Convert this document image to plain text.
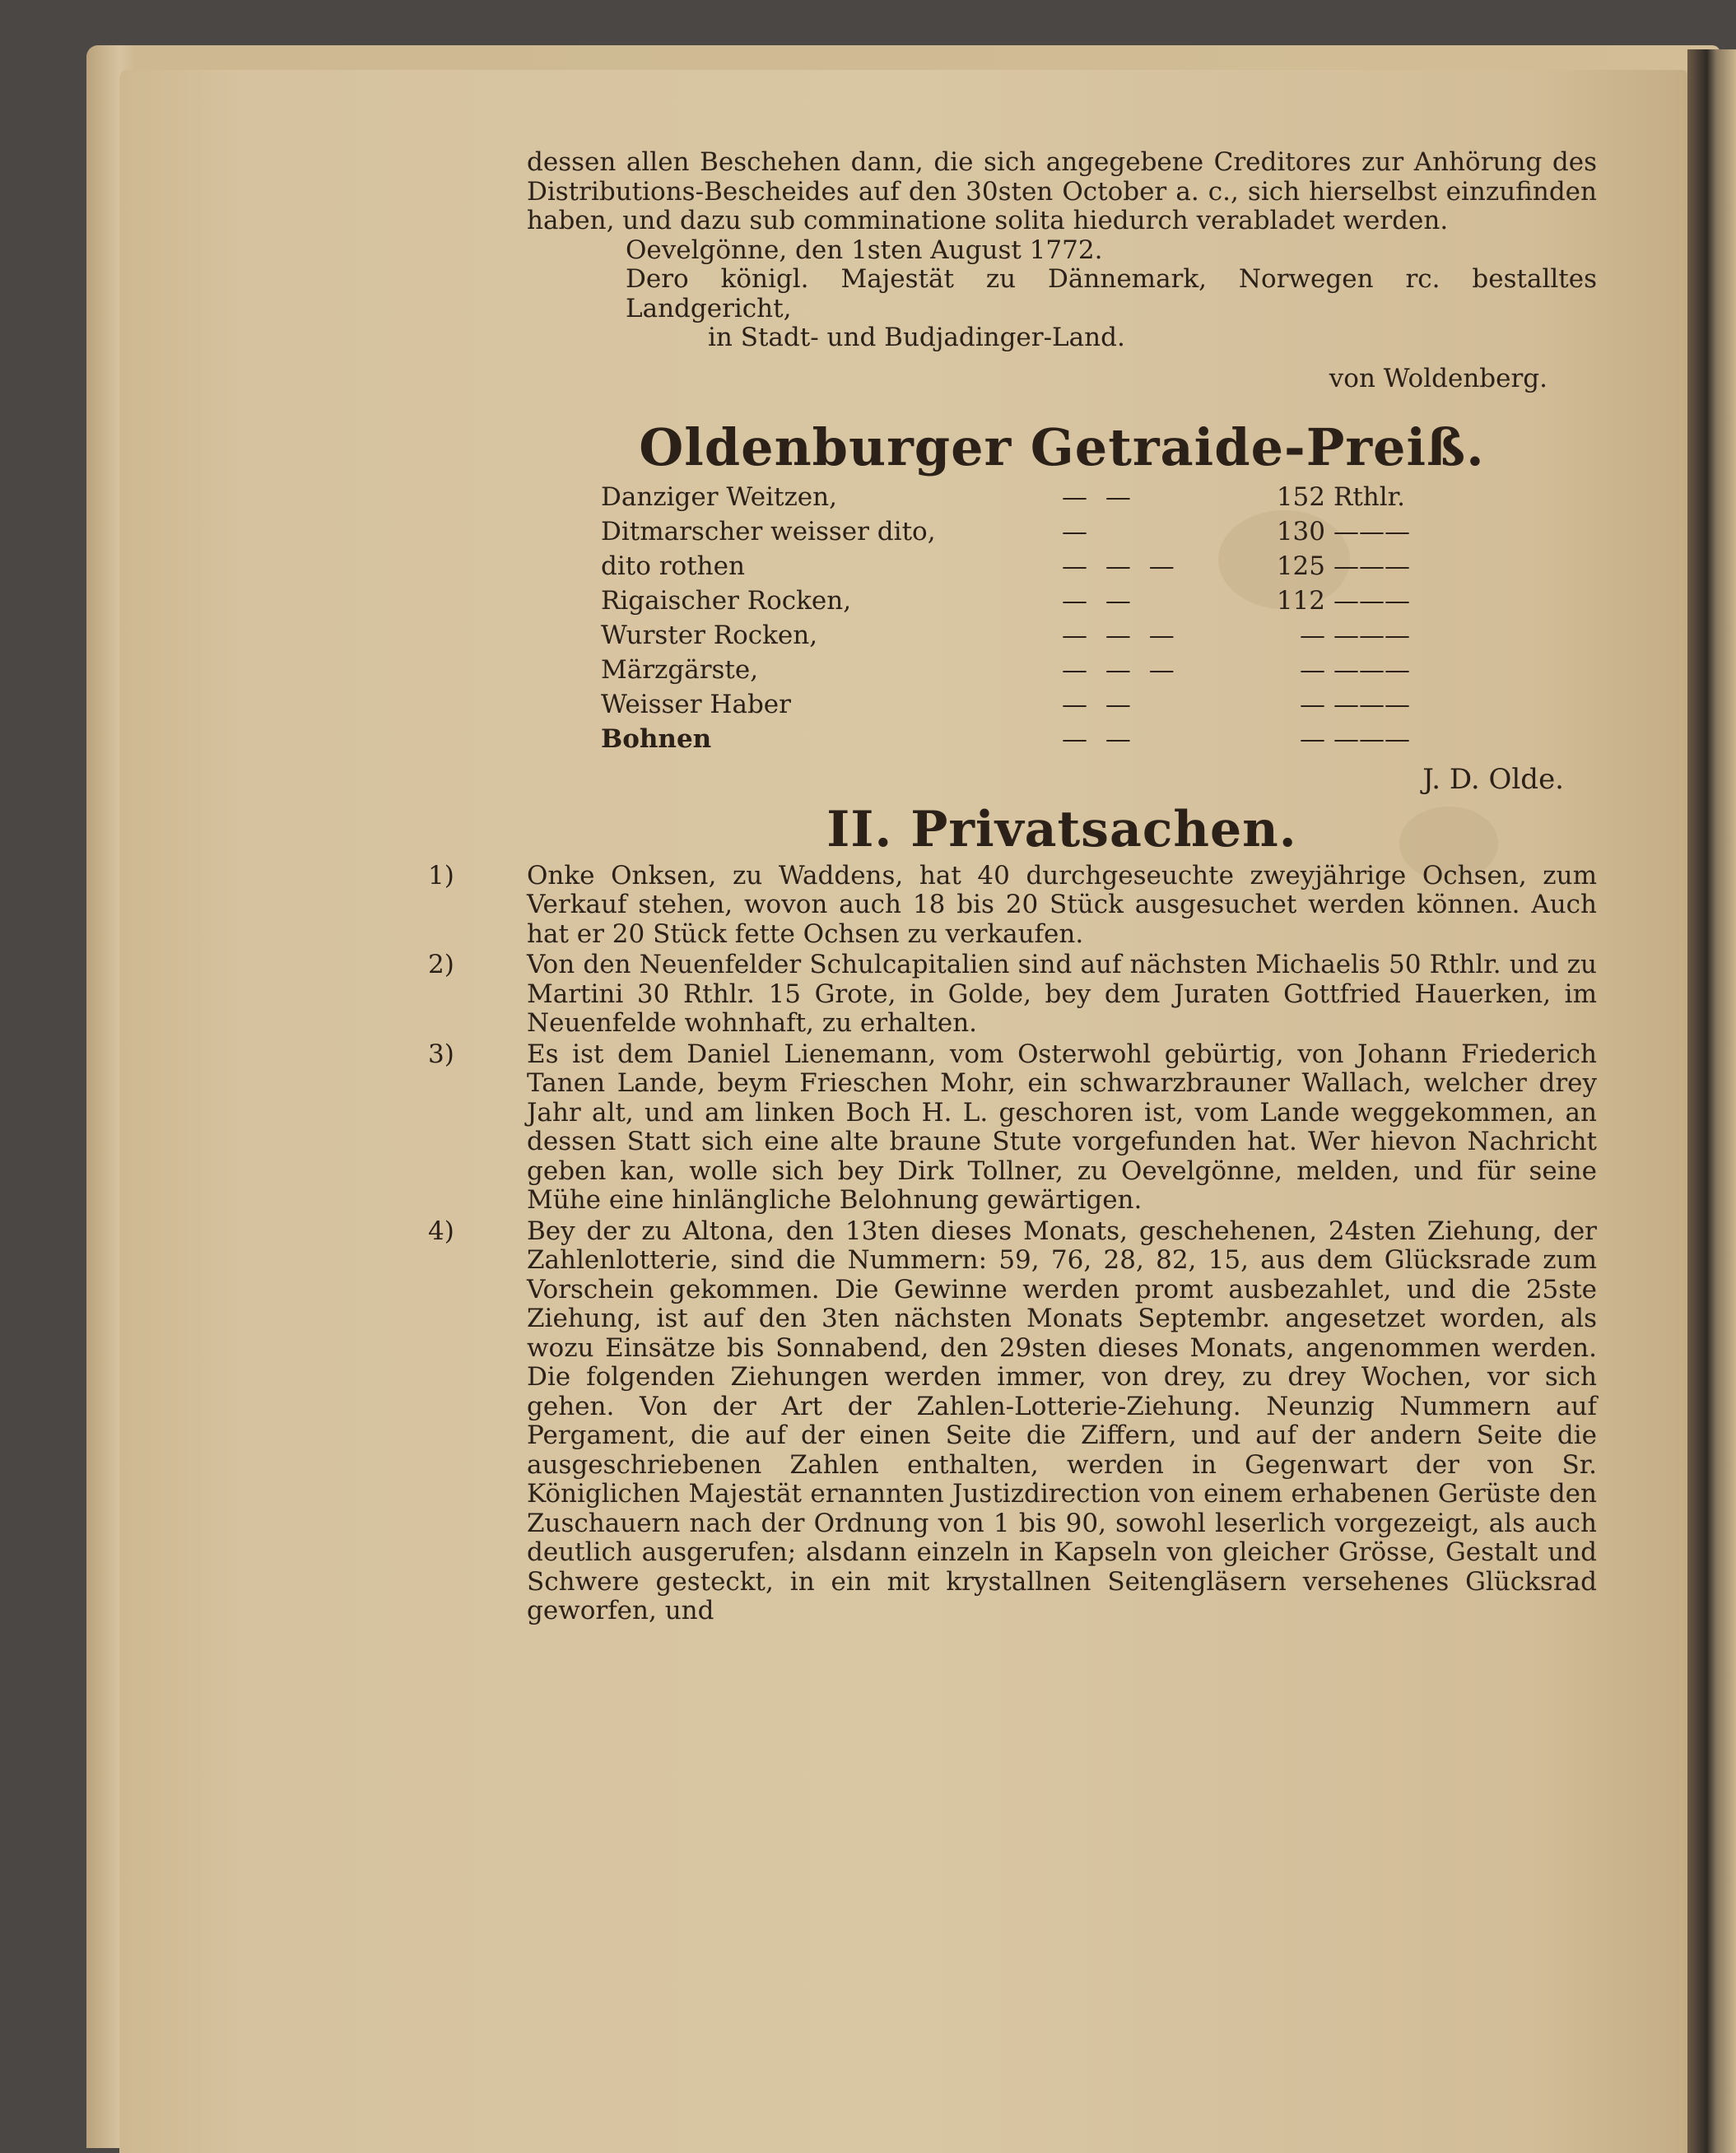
dessen allen Beschehen dann, die sich angegebene Creditores zur Anhörung des Distributions-Bescheides auf den 30sten October a. c., sich hierselbst einzufinden haben, und dazu sub comminatione solita hiedurch verabladet werden.

Oevelgönne, den 1sten August 1772.

Dero königl. Majestät zu Dännemark, Norwegen rc. bestalltes Landgericht,

in Stadt- und Budjadinger-Land.

von Woldenberg.

Oldenburger Getraide-Preiß.
Danziger Weitzen,	— —	152	Rthlr.
Ditmarscher weisser dito,	—	130	———
dito rothen	— — —	125	———
Rigaischer Rocken,	— —	112	———
Wurster Rocken,	— — —	—	———
Märzgärste,	— — —	—	———
Weisser Haber	— —	—	———
Bohnen	— —	—	———
J. D. Olde.
II. Privatsachen.
1)	Onke Onksen, zu Waddens, hat 40 durchgeseuchte zweyjährige Ochsen, zum Verkauf stehen, wovon auch 18 bis 20 Stück ausgesuchet werden können. Auch hat er 20 Stück fette Ochsen zu verkaufen.
2)	Von den Neuenfelder Schulcapitalien sind auf nächsten Michaelis 50 Rthlr. und zu Martini 30 Rthlr. 15 Grote, in Golde, bey dem Juraten Gottfried Hauerken, im Neuenfelde wohnhaft, zu erhalten.
3)	Es ist dem Daniel Lienemann, vom Osterwohl gebürtig, von Johann Friederich Tanen Lande, beym Frieschen Mohr, ein schwarzbrauner Wallach, welcher drey Jahr alt, und am linken Boch H. L. geschoren ist, vom Lande weggekommen, an dessen Statt sich eine alte braune Stute vorgefunden hat. Wer hievon Nachricht geben kan, wolle sich bey Dirk Tollner, zu Oevelgönne, melden, und für seine Mühe eine hinlängliche Belohnung gewärtigen.
4)	Bey der zu Altona, den 13ten dieses Monats, geschehenen, 24sten Ziehung, der Zahlenlotterie, sind die Nummern: 59, 76, 28, 82, 15, aus dem Glücksrade zum Vorschein gekommen. Die Gewinne werden promt ausbezahlet, und die 25ste Ziehung, ist auf den 3ten nächsten Monats Septembr. angesetzet worden, als wozu Einsätze bis Sonnabend, den 29sten dieses Monats, angenommen werden. Die folgenden Ziehungen werden immer, von drey, zu drey Wochen, vor sich gehen. Von der Art der Zahlen-Lotterie-Ziehung. Neunzig Nummern auf Pergament, die auf der einen Seite die Ziffern, und auf der andern Seite die ausgeschriebenen Zahlen enthalten, werden in Gegenwart der von Sr. Königlichen Majestät ernannten Justizdirection von einem erhabenen Gerüste den Zuschauern nach der Ordnung von 1 bis 90, sowohl leserlich vorgezeigt, als auch deutlich ausgerufen; alsdann einzeln in Kapseln von gleicher Grösse, Gestalt und Schwere gesteckt, in ein mit krystallnen Seitengläsern versehenes Glücksrad geworfen, und
